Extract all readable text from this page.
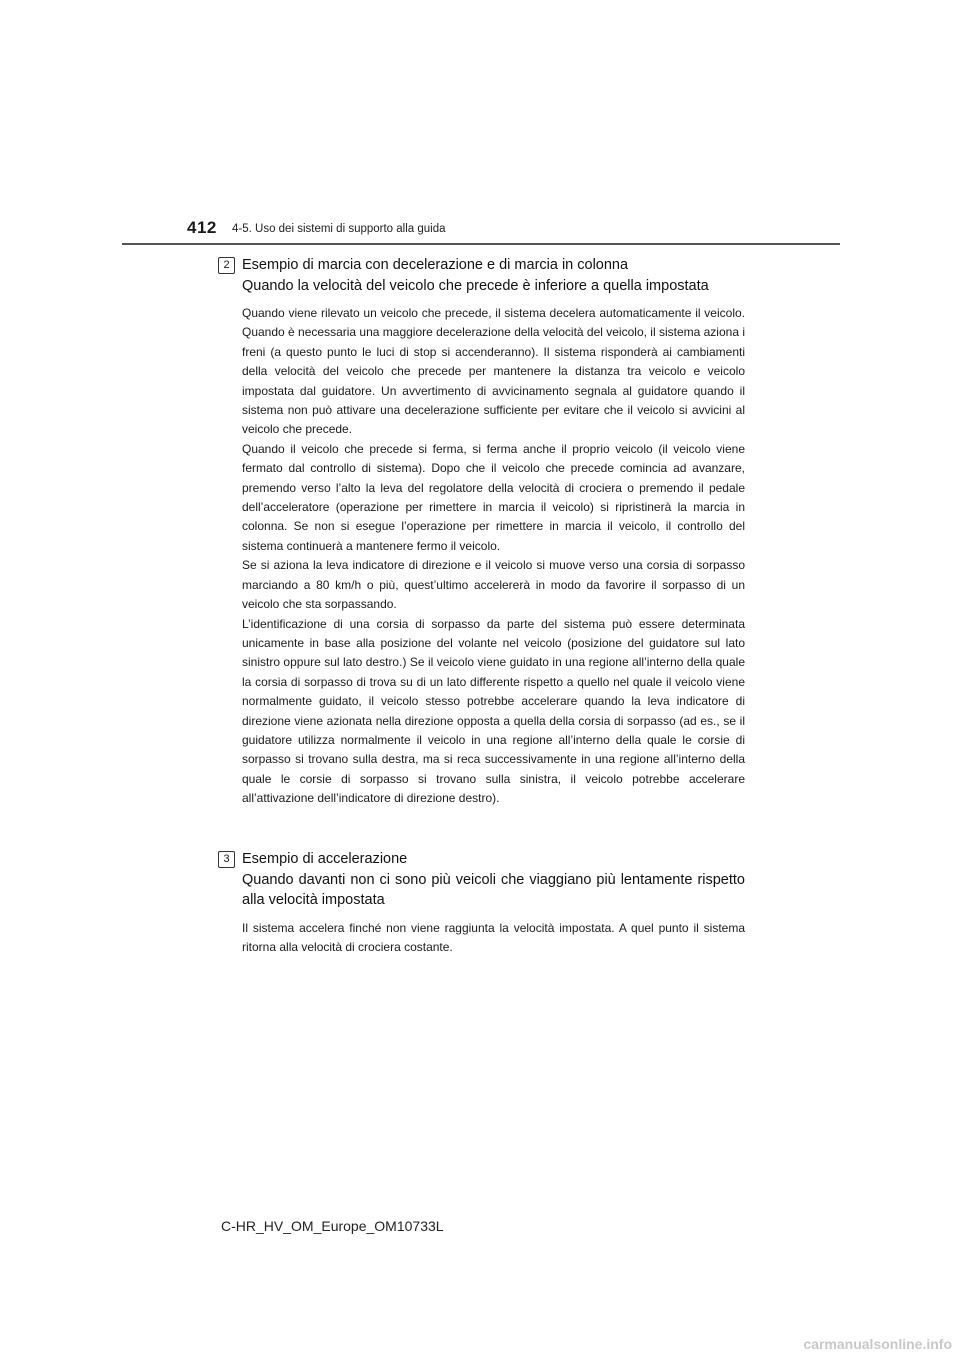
412 4-5. Uso dei sistemi di supporto alla guida
2 Esempio di marcia con decelerazione e di marcia in colonna
Quando la velocità del veicolo che precede è inferiore a quella impostata

Quando viene rilevato un veicolo che precede, il sistema decelera automaticamente il veicolo. Quando è necessaria una maggiore decelerazione della velocità del veicolo, il sistema aziona i freni (a questo punto le luci di stop si accenderanno). Il sistema risponderà ai cambiamenti della velocità del veicolo che precede per mantenere la distanza tra veicolo e veicolo impostata dal guidatore. Un avvertimento di avvicinamento segnala al guidatore quando il sistema non può attivare una decelerazione sufficiente per evitare che il veicolo si avvicini al veicolo che precede.

Quando il veicolo che precede si ferma, si ferma anche il proprio veicolo (il veicolo viene fermato dal controllo di sistema). Dopo che il veicolo che precede comincia ad avanzare, premendo verso l’alto la leva del regolatore della velocità di crociera o premendo il pedale dell’acceleratore (operazione per rimettere in marcia il veicolo) si ripristinerà la marcia in colonna. Se non si esegue l’operazione per rimettere in marcia il veicolo, il controllo del sistema continuerà a mantenere fermo il veicolo.

Se si aziona la leva indicatore di direzione e il veicolo si muove verso una corsia di sorpasso marciando a 80 km/h o più, quest’ultimo accelererà in modo da favorire il sorpasso di un veicolo che sta sorpassando.

L’identificazione di una corsia di sorpasso da parte del sistema può essere determinata unicamente in base alla posizione del volante nel veicolo (posizione del guidatore sul lato sinistro oppure sul lato destro.) Se il veicolo viene guidato in una regione all’interno della quale la corsia di sorpasso di trova su di un lato differente rispetto a quello nel quale il veicolo viene normalmente guidato, il veicolo stesso potrebbe accelerare quando la leva indicatore di direzione viene azionata nella direzione opposta a quella della corsia di sorpasso (ad es., se il guidatore utilizza normalmente il veicolo in una regione all’interno della quale le corsie di sorpasso si trovano sulla destra, ma si reca successivamente in una regione all’interno della quale le corsie di sorpasso si trovano sulla sinistra, il veicolo potrebbe accelerare all’attivazione dell’indicatore di direzione destro).

3 Esempio di accelerazione
Quando davanti non ci sono più veicoli che viaggiano più lentamente rispetto alla velocità impostata

Il sistema accelera finché non viene raggiunta la velocità impostata. A quel punto il sistema ritorna alla velocità di crociera costante.

C-HR_HV_OM_Europe_OM10733L
carmanualsonline.info
